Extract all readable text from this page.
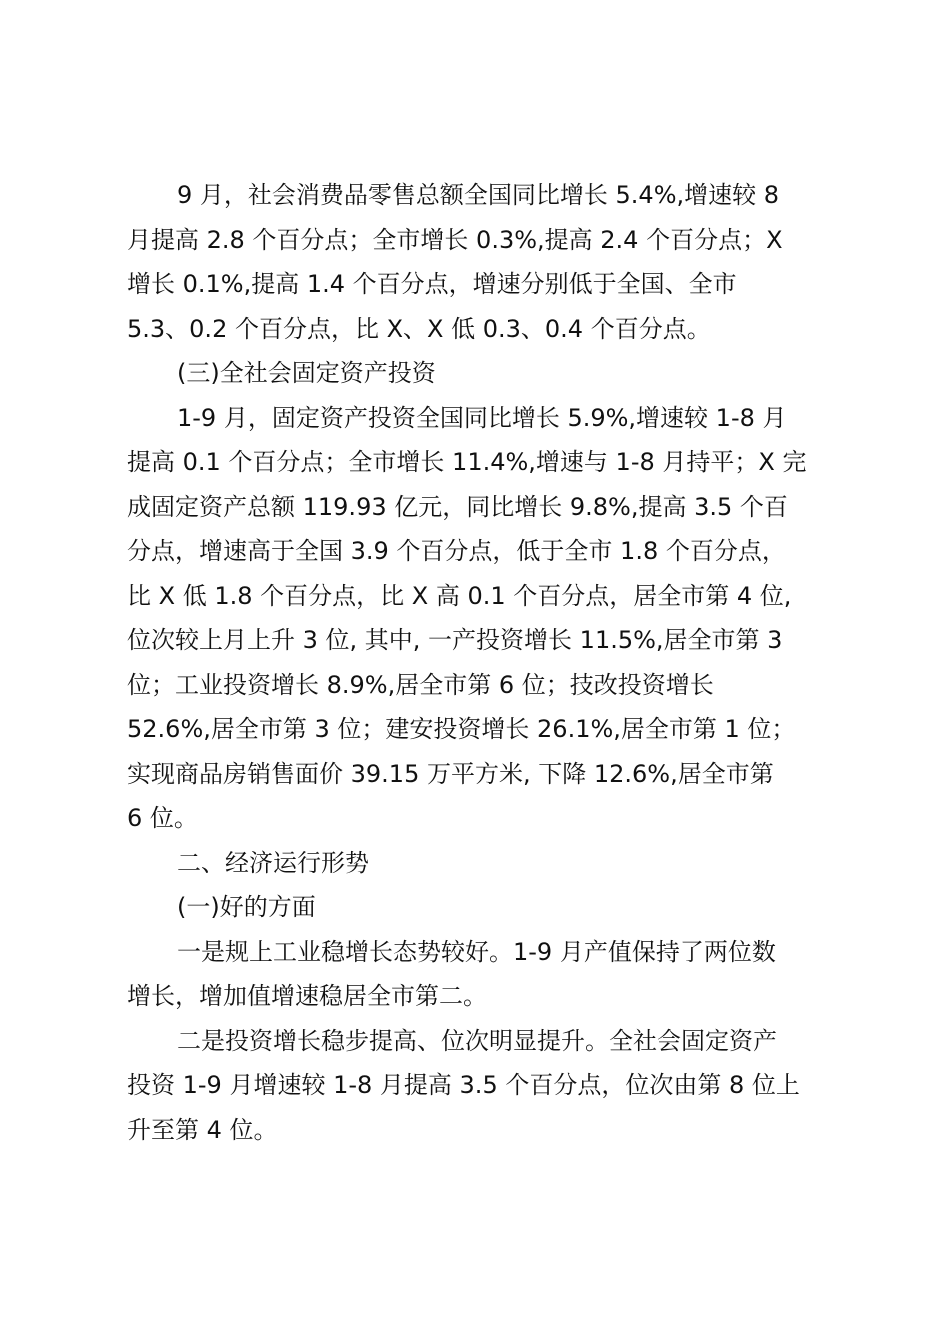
9 月，社会消费品零售总额全国同比增长 5.4%,增速较 8
月提高 2.8 个百分点；全市增长 0.3%,提高 2.4 个百分点；X
增长 0.1%,提高 1.4 个百分点，增速分别低于全国、全市
5.3、0.2 个百分点，比 X、X 低 0.3、0.4 个百分点。

(三)全社会固定资产投资

1-9 月，固定资产投资全国同比增长 5.9%,增速较 1-8 月
提高 0.1 个百分点；全市增长 11.4%,增速与 1-8 月持平；X 完
成固定资产总额 119.93 亿元，同比增长 9.8%,提高 3.5 个百
分点，增速高于全国 3.9 个百分点，低于全市 1.8 个百分点，
比 X 低 1.8 个百分点，比 X 高 0.1 个百分点，居全市第 4 位,
位次较上月上升 3 位, 其中, 一产投资增长 11.5%,居全市第 3
位；工业投资增长 8.9%,居全市第 6 位；技改投资增长
52.6%,居全市第 3 位；建安投资增长 26.1%,居全市第 1 位；
实现商品房销售面价 39.15 万平方米, 下降 12.6%,居全市第
6 位。

二、经济运行形势

(一)好的方面

一是规上工业稳增长态势较好。1-9 月产值保持了两位数
增长，增加值增速稳居全市第二。

二是投资增长稳步提高、位次明显提升。全社会固定资产
投资 1-9 月增速较 1-8 月提高 3.5 个百分点，位次由第 8 位上
升至第 4 位。
